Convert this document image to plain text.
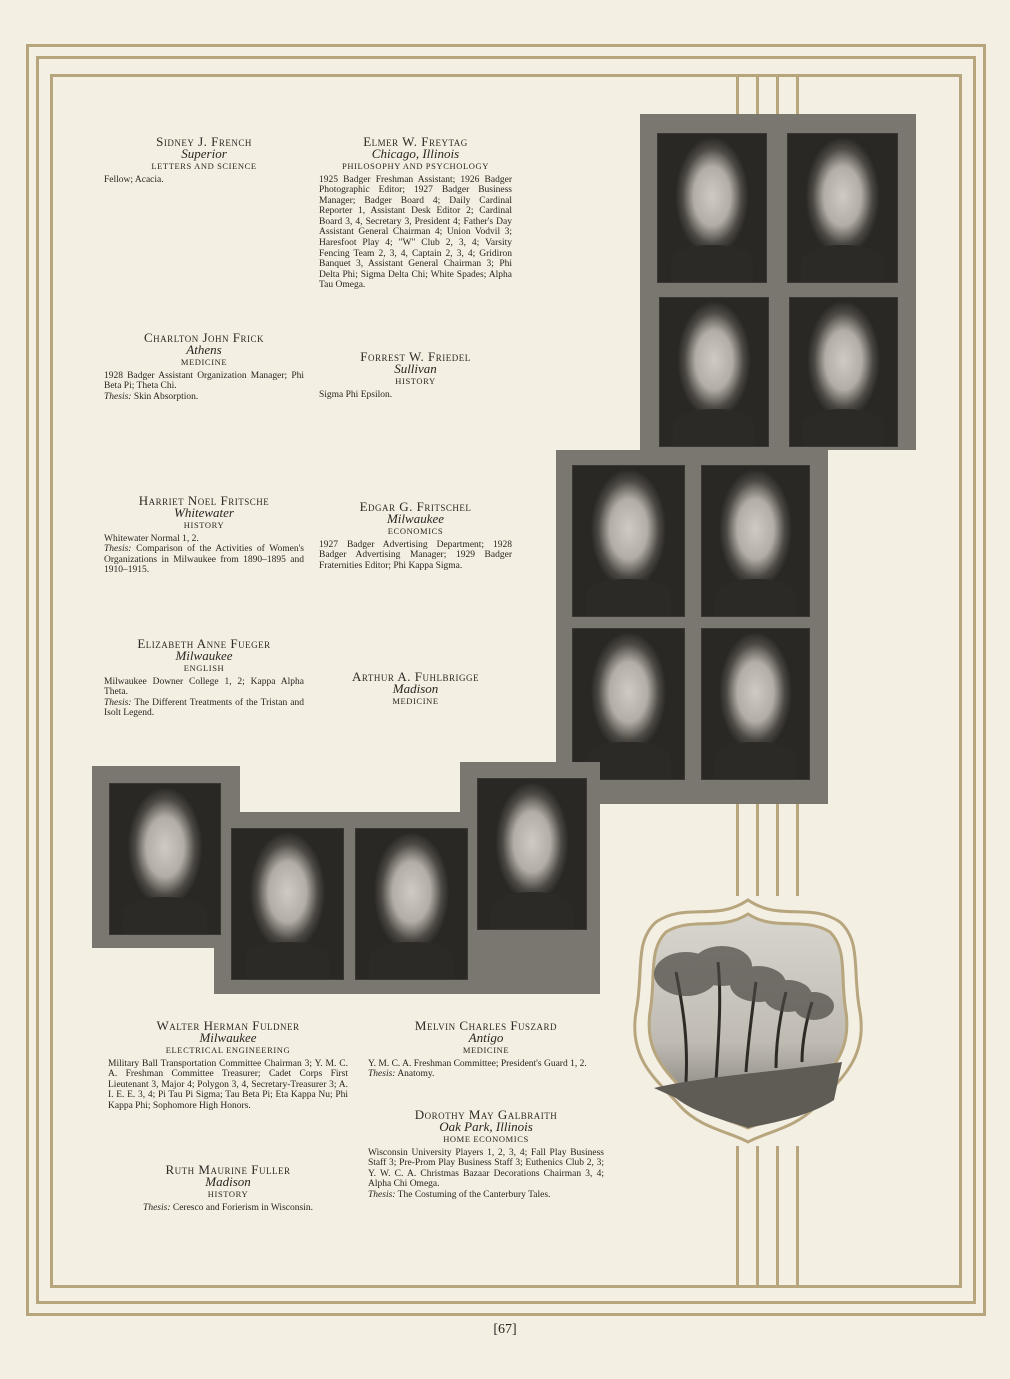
Sidney J. French
Superior
LETTERS AND SCIENCE
Fellow; Acacia.
Elmer W. Freytag
Chicago, Illinois
PHILOSOPHY AND PSYCHOLOGY
1925 Badger Freshman Assistant; 1926 Badger Photographic Editor; 1927 Badger Business Manager; Badger Board 4; Daily Cardinal Reporter 1, Assistant Desk Editor 2; Cardinal Board 3, 4, Secretary 3, President 4; Father's Day Assistant General Chairman 4; Union Vodvil 3; Haresfoot Play 4; "W" Club 2, 3, 4; Varsity Fencing Team 2, 3, 4, Captain 2, 3, 4; Gridiron Banquet 3, Assistant General Chairman 3; Phi Delta Phi; Sigma Delta Chi; White Spades; Alpha Tau Omega.
Charlton John Frick
Athens
MEDICINE
1928 Badger Assistant Organization Manager; Phi Beta Pi; Theta Chi.
Thesis: Skin Absorption.
Forrest W. Friedel
Sullivan
HISTORY
Sigma Phi Epsilon.
Harriet Noel Fritsche
Whitewater
HISTORY
Whitewater Normal 1, 2.
Thesis: Comparison of the Activities of Women's Organizations in Milwaukee from 1890–1895 and 1910–1915.
Edgar G. Fritschel
Milwaukee
ECONOMICS
1927 Badger Advertising Department; 1928 Badger Advertising Manager; 1929 Badger Fraternities Editor; Phi Kappa Sigma.
Elizabeth Anne Fueger
Milwaukee
ENGLISH
Milwaukee Downer College 1, 2; Kappa Alpha Theta.
Thesis: The Different Treatments of the Tristan and Isolt Legend.
Arthur A. Fuhlbrigge
Madison
MEDICINE
Walter Herman Fuldner
Milwaukee
ELECTRICAL ENGINEERING
Military Ball Transportation Committee Chairman 3; Y. M. C. A. Freshman Committee Treasurer; Cadet Corps First Lieutenant 3, Major 4; Polygon 3, 4, Secretary-Treasurer 3; A. I. E. E. 3, 4; Pi Tau Pi Sigma; Tau Beta Pi; Eta Kappa Nu; Phi Kappa Phi; Sophomore High Honors.
Melvin Charles Fuszard
Antigo
MEDICINE
Y. M. C. A. Freshman Committee; President's Guard 1, 2.
Thesis: Anatomy.
Ruth Maurine Fuller
Madison
HISTORY
Thesis: Ceresco and Forierism in Wisconsin.
Dorothy May Galbraith
Oak Park, Illinois
HOME ECONOMICS
Wisconsin University Players 1, 2, 3, 4; Fall Play Business Staff 3; Pre-Prom Play Business Staff 3; Euthenics Club 2, 3; Y. W. C. A. Christmas Bazaar Decorations Chairman 3, 4; Alpha Chi Omega.
Thesis: The Costuming of the Canterbury Tales.
[67]
